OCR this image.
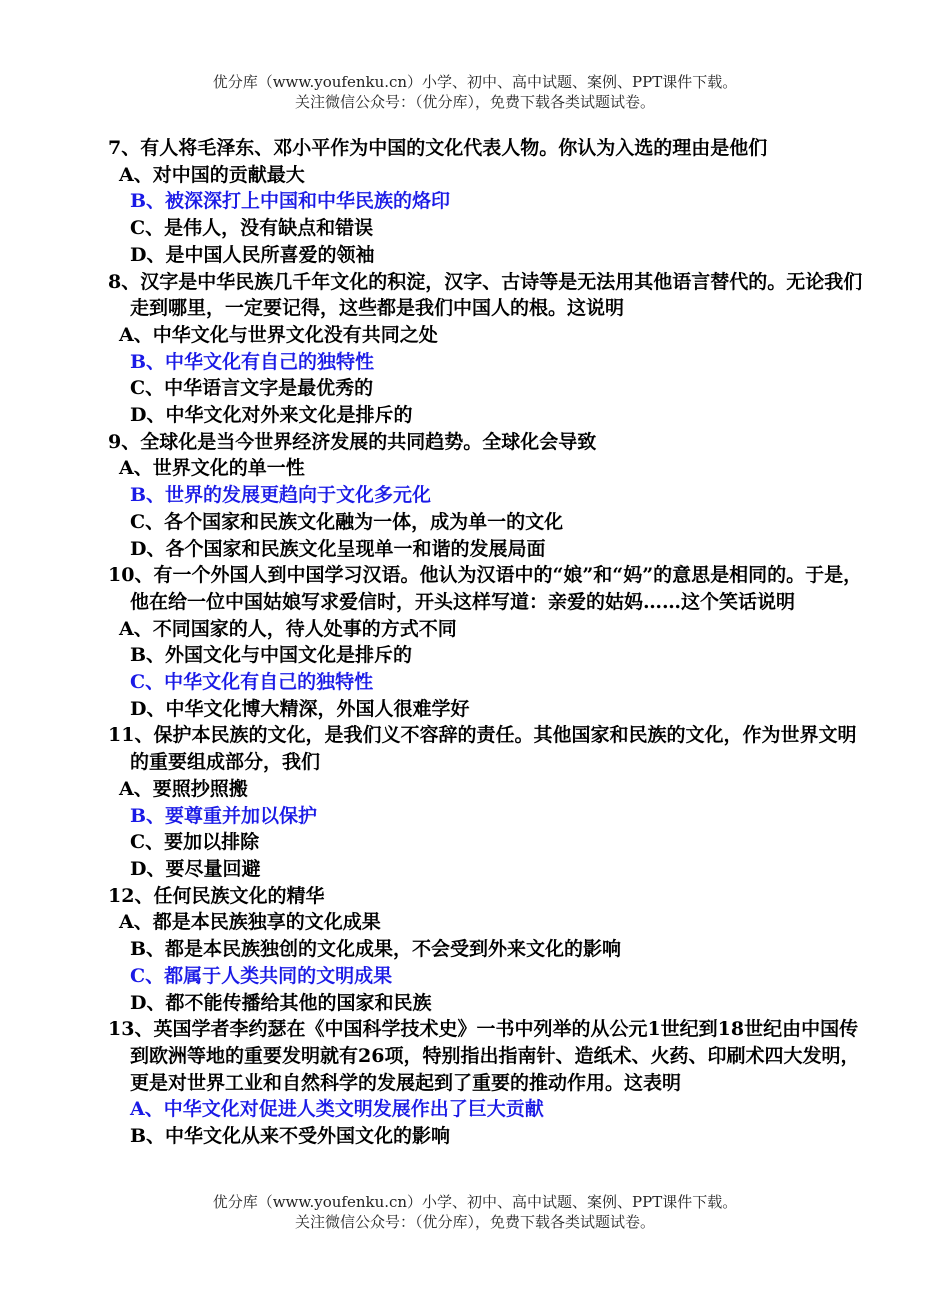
优分库（www.youfenku.cn）小学、初中、高中试题、案例、PPT课件下载。
关注微信公众号：（优分库），免费下载各类试题试卷。
7、有人将毛泽东、邓小平作为中国的文化代表人物。你认为入选的理由是他们
A、对中国的贡献最大
B、被深深打上中国和中华民族的烙印
C、是伟人，没有缺点和错误
D、是中国人民所喜爱的领袖
8、汉字是中华民族几千年文化的积淀，汉字、古诗等是无法用其他语言替代的。无论我们走到哪里，一定要记得，这些都是我们中国人的根。这说明
A、中华文化与世界文化没有共同之处
B、中华文化有自己的独特性
C、中华语言文字是最优秀的
D、中华文化对外来文化是排斥的
9、全球化是当今世界经济发展的共同趋势。全球化会导致
A、世界文化的单一性
B、世界的发展更趋向于文化多元化
C、各个国家和民族文化融为一体，成为单一的文化
D、各个国家和民族文化呈现单一和谐的发展局面
10、有一个外国人到中国学习汉语。他认为汉语中的“娘”和“妈”的意思是相同的。于是，他在给一位中国姑娘写求爱信时，开头这样写道：亲爱的姑妈……这个笑话说明
A、不同国家的人，待人处事的方式不同
B、外国文化与中国文化是排斥的
C、中华文化有自己的独特性
D、中华文化博大精深，外国人很难学好
11、保护本民族的文化，是我们义不容辞的责任。其他国家和民族的文化，作为世界文明的重要组成部分，我们
A、要照抄照搬
B、要尊重并加以保护
C、要加以排除
D、要尽量回避
12、任何民族文化的精华
A、都是本民族独享的文化成果
B、都是本民族独创的文化成果，不会受到外来文化的影响
C、都属于人类共同的文明成果
D、都不能传播给其他的国家和民族
13、英国学者李约瑟在《中国科学技术史》一书中列举的从公元1世纪到18世纪由中国传到欧洲等地的重要发明就有26项，特别指出指南针、造纸术、火药、印刷术四大发明，更是对世界工业和自然科学的发展起到了重要的推动作用。这表明
A、中华文化对促进人类文明发展作出了巨大贡献
B、中华文化从来不受外国文化的影响
优分库（www.youfenku.cn）小学、初中、高中试题、案例、PPT课件下载。
关注微信公众号：（优分库），免费下载各类试题试卷。
